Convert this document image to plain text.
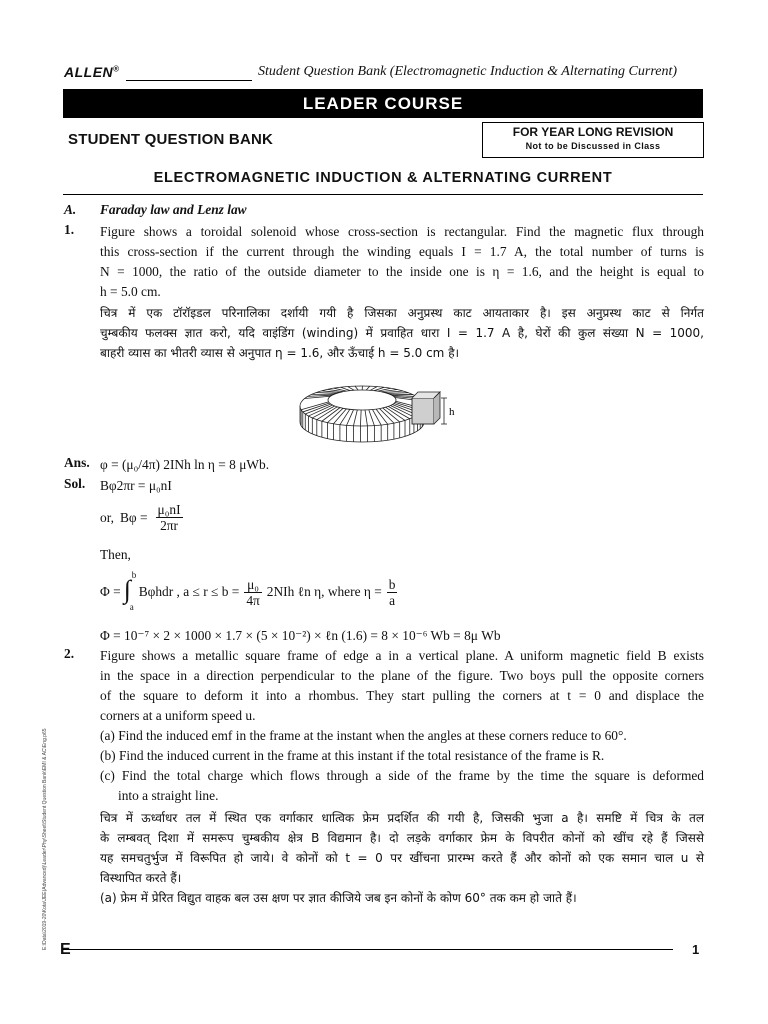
ALLEN®	Student Question Bank (Electromagnetic Induction & Alternating Current)
LEADER COURSE
STUDENT QUESTION BANK	FOR YEAR LONG REVISION
Not to be Discussed in Class
ELECTROMAGNETIC INDUCTION & ALTERNATING CURRENT
A. Faraday law and Lenz law
1. Figure shows a toroidal solenoid whose cross-section is rectangular. Find the magnetic flux through
this cross-section if the current through the winding equals I = 1.7 A, the total number of turns is
N = 1000, the ratio of the outside diameter to the inside one is η = 1.6, and the height is equal to
h = 5.0 cm.
चित्र में एक टॉरॉइडल परिनालिका दर्शायी गयी है जिसका अनुप्रस्थ काट आयताकार है। इस अनुप्रस्थ काट से निर्गत
चुम्बकीय फलक्स ज्ञात करो, यदि वाइंडिंग (winding) में प्रवाहित धारा I = 1.7 A है, घेरों की कुल संख्या N = 1000,
बाहरी व्यास का भीतरी व्यास से अनुपात η = 1.6, और ऊँचाई h = 5.0 cm है।
h
Ans. φ = (μ₀/4π) 2INh ln η = 8 μWb.
Sol. Bφ2πr = μ₀nI
or, $B\varphi = \frac{\text{μ₀nI}}{2\pi r}$
Then,
Φ = ∫ b
a
Bφhdr , $a \le r \le b = \frac{\text{μ₀}}{4\pi} 2NIh$ ℓn η, where $\eta = \frac{b}{a}$
Φ = 10⁻⁷ × 2 × 1000 × 1.7 × (5 × 10⁻²) × ℓn (1.6) = 8 × 10⁻⁶ Wb = 8μ Wb
2. Figure shows a metallic square frame of edge a in a vertical plane. A uniform magnetic field B exists
in the space in a direction perpendicular to the plane of the figure. Two boys pull the opposite corners
of the square to deform it into a rhombus. They start pulling the corners at t = 0 and displace the
corners at a uniform speed u.
(a) Find the induced emf in the frame at the instant when the angles at these corners reduce to 60°.
(b) Find the induced current in the frame at this instant if the total resistance of the frame is R.
(c) Find the total charge which flows through a side of the frame by the time the square is deformed
into a straight line.
चित्र में ऊर्ध्वाधर तल में स्थित एक वर्गाकार धात्विक फ्रेम प्रदर्शित की गयी है, जिसकी भुजा a है। समष्टि में चित्र के तल
के लम्बवत् दिशा में समरूप चुम्बकीय क्षेत्र B विद्यमान है। दो लड़के वर्गाकार फ्रेम के विपरीत कोनों को खींच रहे हैं जिससे
यह समचतुर्भुज में विरूपित हो जाये। वे कोनों को t = 0 पर खींचना प्रारम्भ करते हैं और कोनों को एक समान चाल u से
विस्थापित करते हैं।
(a) फ्रेम में प्रेरित विद्युत वाहक बल उस क्षण पर ज्ञात कीजिये जब इन कोनों के कोण 60° तक कम हो जाते हैं।
E:\Data\2019-20\Kota\JEE(Advanced)\Leader\Phy\Sheet\Student Question Bank\EMI & AC\Eng.p65 E	1
